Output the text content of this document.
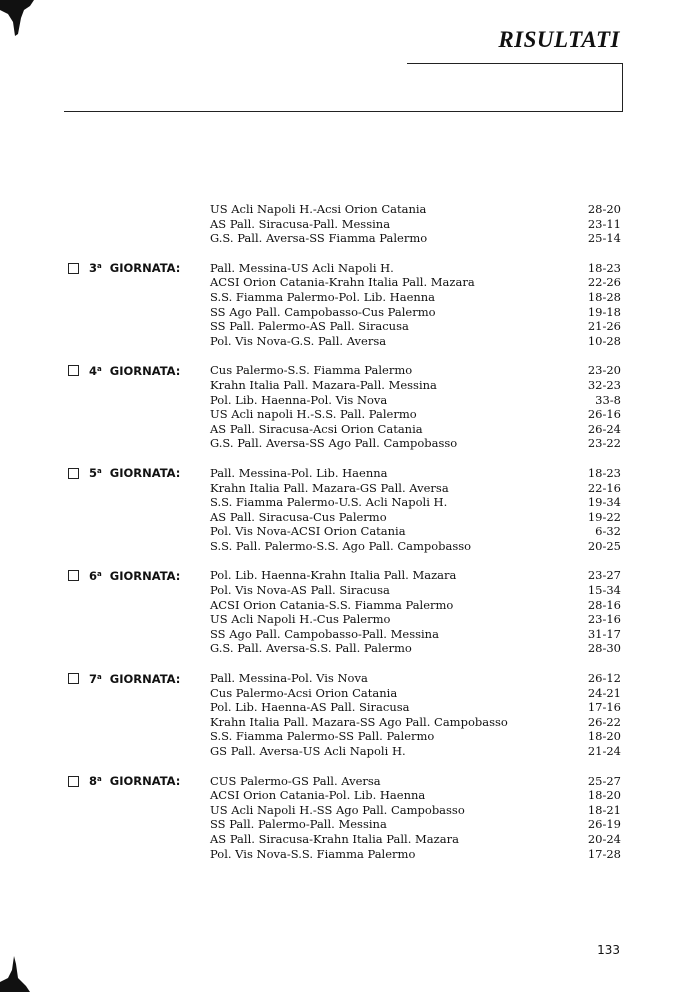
RISULTATI
US Acli Napoli H.-Acsi Orion Catania	28-20
AS Pall. Siracusa-Pall. Messina	23-11
G.S. Pall. Aversa-SS Fiamma Palermo	25-14
3$^a$ GIORNATA:	Pall. Messina-US Acli Napoli H.	18-23
ACSI Orion Catania-Krahn Italia Pall. Mazara	22-26
S.S. Fiamma Palermo-Pol. Lib. Haenna	18-28
SS Ago Pall. Campobasso-Cus Palermo	19-18
SS Pall. Palermo-AS Pall. Siracusa	21-26
Pol. Vis Nova-G.S. Pall. Aversa	10-28
4$^a$ GIORNATA:	Cus Palermo-S.S. Fiamma Palermo	23-20
Krahn Italia Pall. Mazara-Pall. Messina	32-23
Pol. Lib. Haenna-Pol. Vis Nova	33-8
US Acli napoli H.-S.S. Pall. Palermo	26-16
AS Pall. Siracusa-Acsi Orion Catania	26-24
G.S. Pall. Aversa-SS Ago Pall. Campobasso	23-22
5$^a$ GIORNATA:	Pall. Messina-Pol. Lib. Haenna	18-23
Krahn Italia Pall. Mazara-GS Pall. Aversa	22-16
S.S. Fiamma Palermo-U.S. Acli Napoli H.	19-34
AS Pall. Siracusa-Cus Palermo	19-22
Pol. Vis Nova-ACSI Orion Catania	6-32
S.S. Pall. Palermo-S.S. Ago Pall. Campobasso	20-25
6$^a$ GIORNATA:	Pol. Lib. Haenna-Krahn Italia Pall. Mazara	23-27
Pol. Vis Nova-AS Pall. Siracusa	15-34
ACSI Orion Catania-S.S. Fiamma Palermo	28-16
US Acli Napoli H.-Cus Palermo	23-16
SS Ago Pall. Campobasso-Pall. Messina	31-17
G.S. Pall. Aversa-S.S. Pall. Palermo	28-30
7$^a$ GIORNATA:	Pall. Messina-Pol. Vis Nova	26-12
Cus Palermo-Acsi Orion Catania	24-21
Pol. Lib. Haenna-AS Pall. Siracusa	17-16
Krahn Italia Pall. Mazara-SS Ago Pall. Campobasso	26-22
S.S. Fiamma Palermo-SS Pall. Palermo	18-20
GS Pall. Aversa-US Acli Napoli H.	21-24
8$^a$ GIORNATA:	CUS Palermo-GS Pall. Aversa	25-27
ACSI Orion Catania-Pol. Lib. Haenna	18-20
US Acli Napoli H.-SS Ago Pall. Campobasso	18-21
SS Pall. Palermo-Pall. Messina	26-19
AS Pall. Siracusa-Krahn Italia Pall. Mazara	20-24
Pol. Vis Nova-S.S. Fiamma Palermo	17-28
133
